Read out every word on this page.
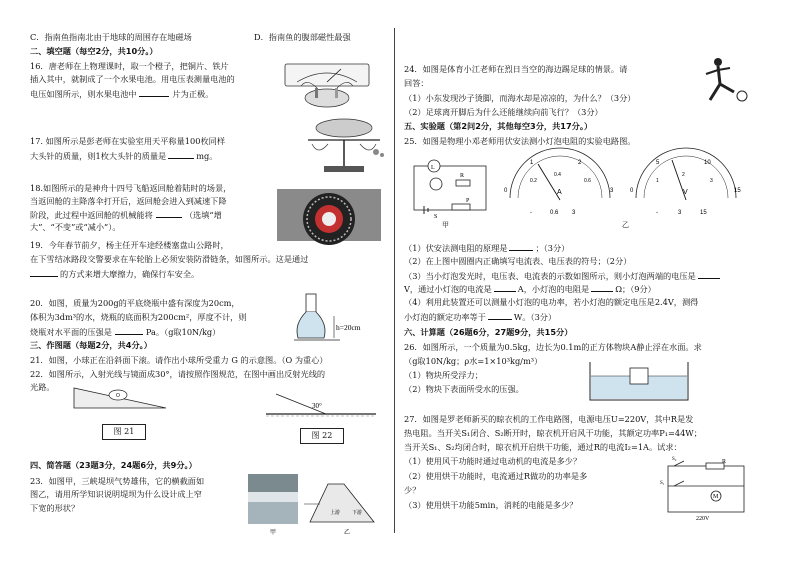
C．指南鱼指南北由于地球的周围存在地磁场	D．指南鱼的腹部磁性最强
二、填空题（每空2分，共10分。）
16．唐老师在上物理课时，取一个橙子，把铜片、铁片
插入其中，就制成了一个水果电池。用电压表测量电池的
电压如图所示，则水果电池中	片为正极。
17. 如图所示是彭老师在实验室用天平称量100枚同样
大头针的质量，则1枚大头针的质量是	mg。
18.如图所示的是神舟十四号飞船返回舱着陆时的场景，
当返回舱的主降落伞打开后，返回舱会进入到减速下降
阶段，此过程中返回舱的机械能将	（选填“增
大”、“不变”或“减小”）。
19．今年春节前夕，杨主任开车途经楼塞盘山公路时，
在下雪结冰路段交警要求在车轮胎上必须安装防滑链条，如图所示。这是通过
的方式来增大摩擦力，确保行车安全。
20．如图，质量为200g的平底烧瓶中盛有深度为20cm，
体积为3dm³的水，烧瓶的底面积为200cm²，厚度不计，则
烧瓶对水平面的压强是	Pa。（g取10N/kg）	h=20cm
三、作图题（每题2分，共4分。）
21．如图，小球正在沿斜面下滚。请作出小球所受重力 G 的示意图。（O 为重心）
22．如图所示，入射光线与镜面成30°，请按照作图规范，在图中画出反射光线的
光路。
O
图 21
30°
图 22
四、简答题（23题3分，24题6分，共9分。）
23．如图甲，三峡堤坝气势雄伟，它的横截面如
图乙，请用所学知识说明堤坝为什么设计成上窄
下宽的形状？	上游 下游
甲	乙
24．如图是体育小江老师在烈日当空的海边踢足球的情景。请
回答：
（1）小东发现沙子烫脚，而海水却是凉凉的，为什么？（3分）
（2）足球离开脚后为什么还能继续向前飞行？（3分）
五、实验题（第2问2分，其他每空3分，共17分。）
25．如图是物理小邓老师用伏安法测小灯泡电阻的实验电路图。
L
R
P
S
甲
0
1	2
3
0.2
0.4
0.6
A
-	0.6 3
0
5	10
15
1
2
3
V
-	3	15
乙
（1）伏安法测电阻的原理是	；（3分）
（2）在上图中圆圈内正确填写电流表、电压表的符号；（2分）
（3）当小灯泡发光时，电压表、电流表的示数如图所示，则小灯泡两端的电压是
V，通过小灯泡的电流是	A，小灯泡的电阻是	Ω；（9分）
（4）利用此装置还可以测量小灯泡的电功率，若小灯泡的额定电压是2.4V，测得
小灯泡的额定功率等于	W。（3分）
六、计算题（26题6分，27题9分，共15分）
26．如图所示，一个质量为0.5kg，边长为0.1m的正方体物块A静止浮在水面。求
（g取10N/kg；ρ水=1×10³kg/m³）
（1）物块所受浮力；
（2）物块下表面所受水的压强。
27．如图是罗老师新买的晾衣机的工作电路图，电源电压U=220V，其中R是发
热电阻。当开关S₁闭合、S₂断开时，晾衣机开启风干功能，其额定功率P₁=44W；
当开关S₁、S₂均闭合时，晾衣机开启烘干功能，通过R的电流I₂=1A。试求：
（1）使用风干功能时通过电动机的电流是多少？
（2）使用烘干功能时，电流通过R做功的功率是多
少？
（3）使用烘干功能5min，消耗的电能是多少？
M
R
S₂
S₁
220V
